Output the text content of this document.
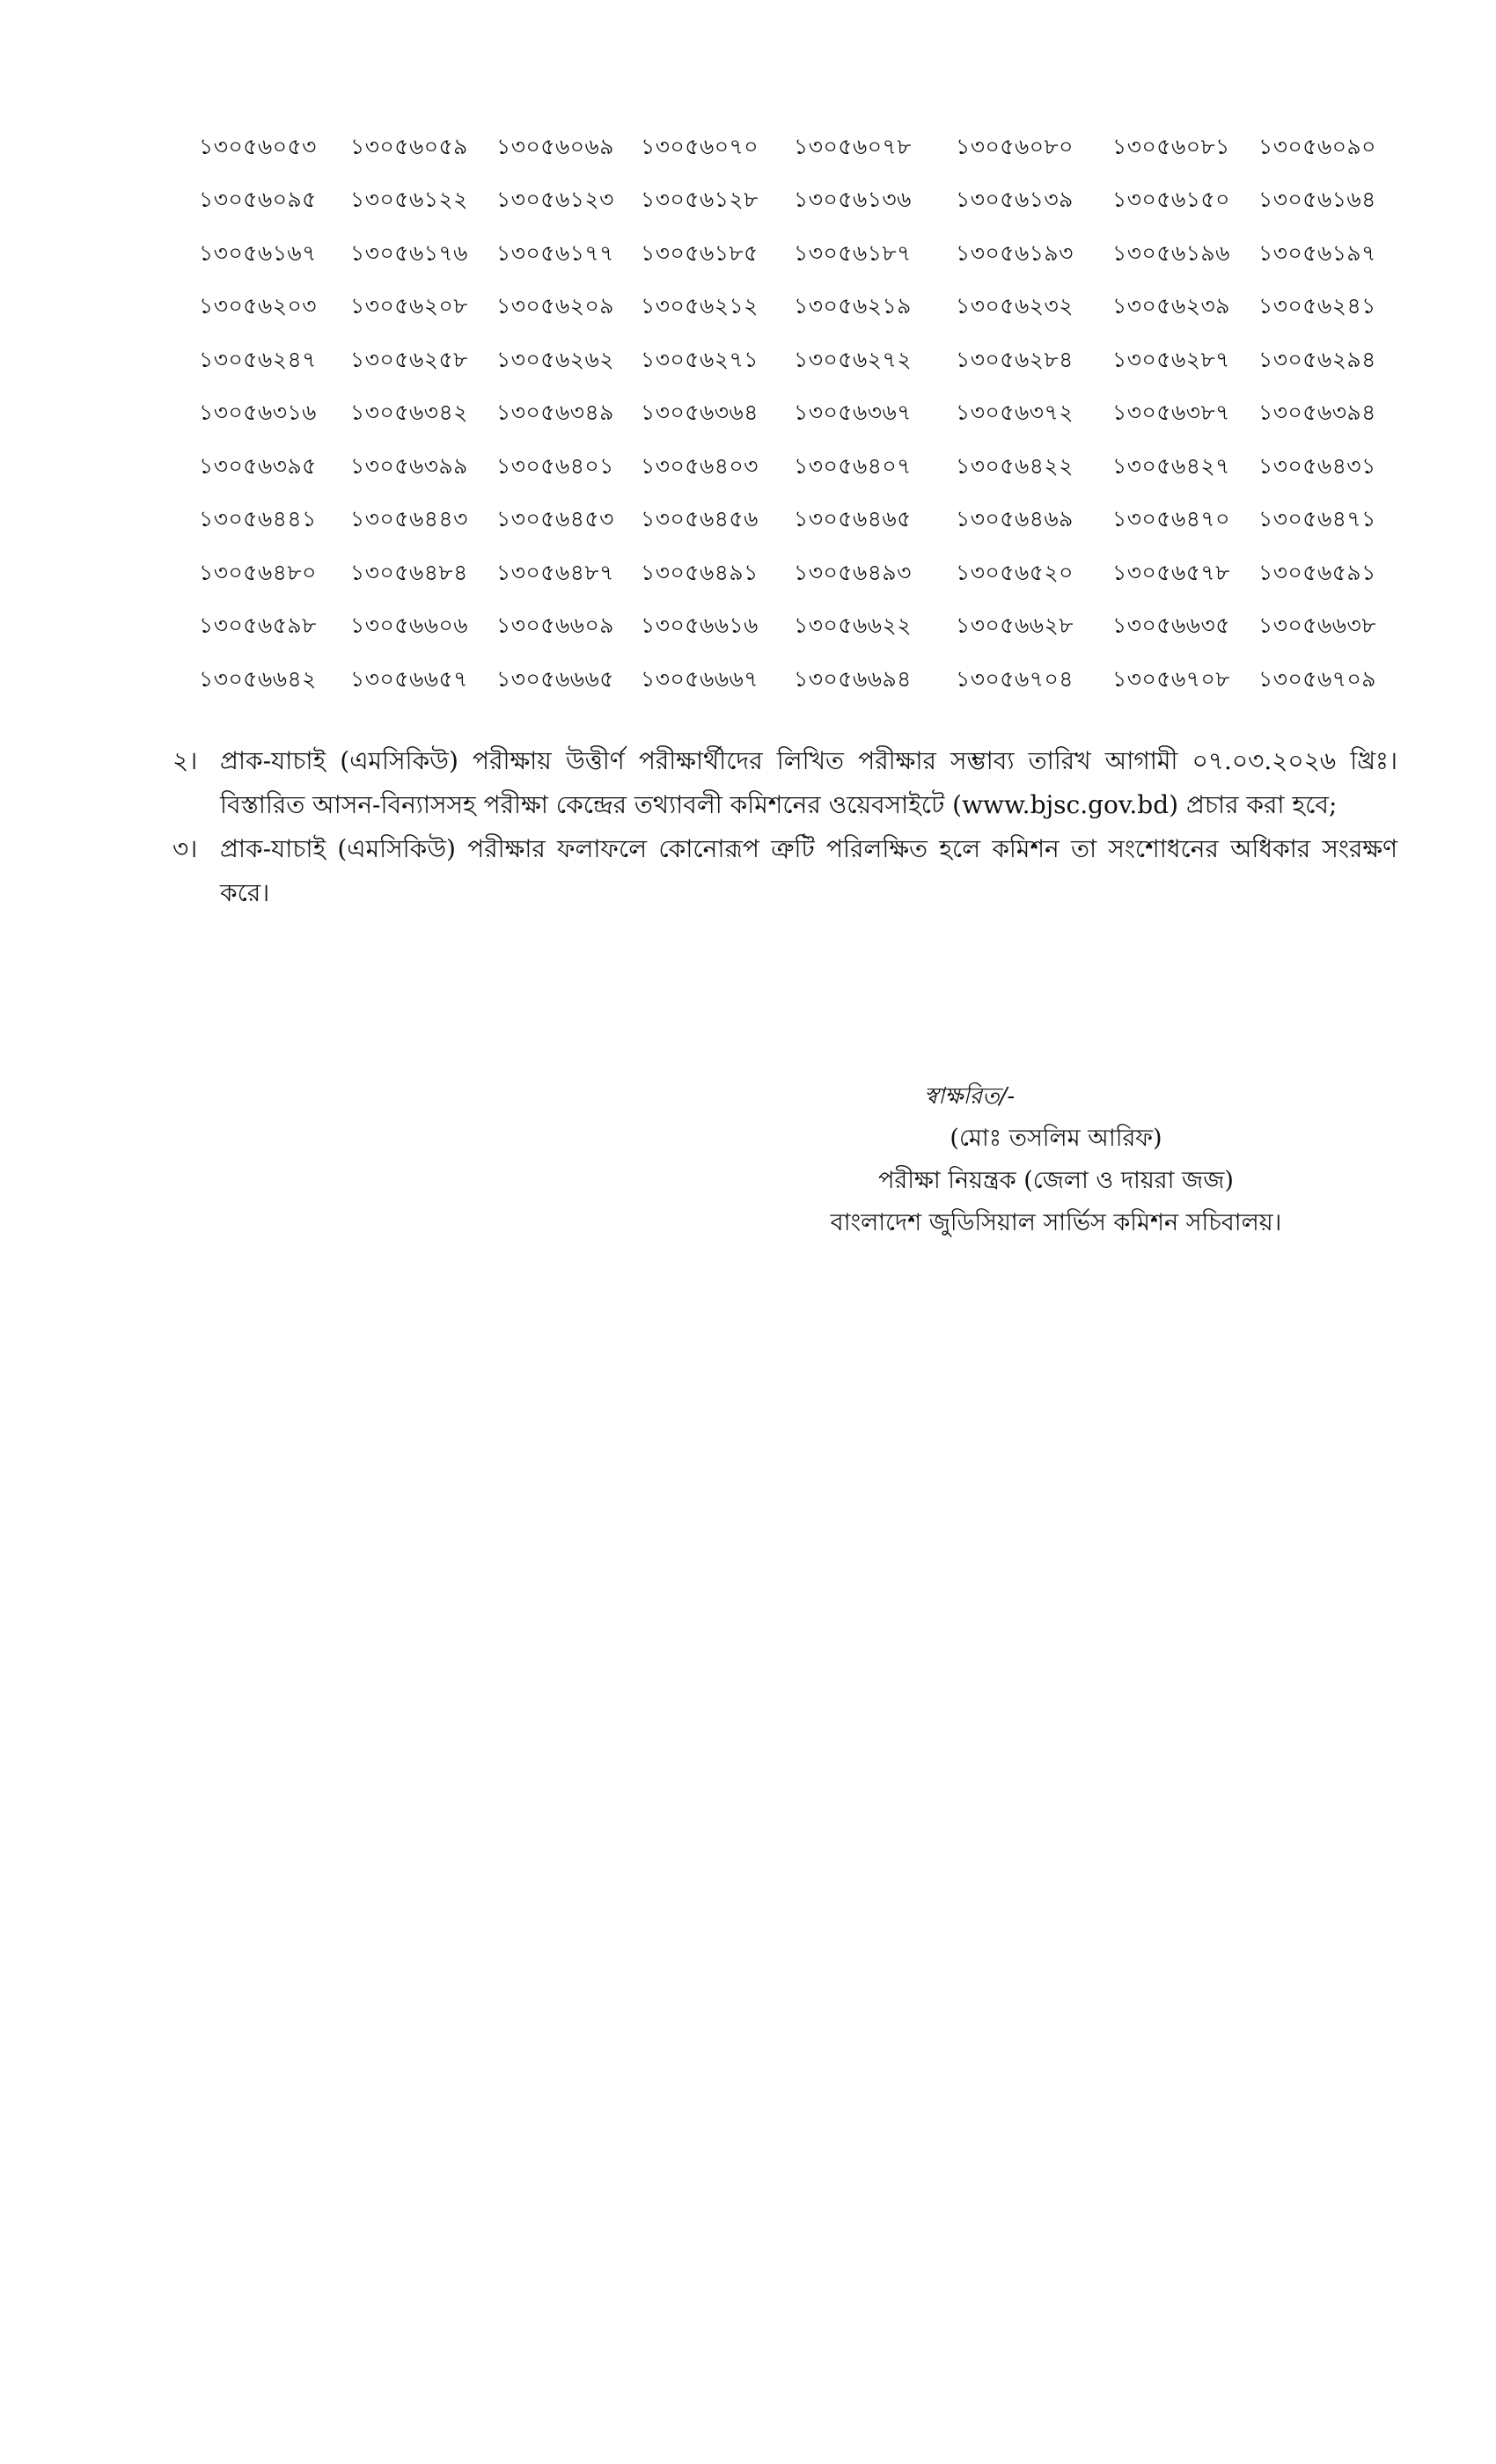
১৩০৫৬০৫৩	১৩০৫৬০৫৯	১৩০৫৬০৬৯	১৩০৫৬০৭০	১৩০৫৬০৭৮	১৩০৫৬০৮০	১৩০৫৬০৮১	১৩০৫৬০৯০
১৩০৫৬০৯৫	১৩০৫৬১২২	১৩০৫৬১২৩	১৩০৫৬১২৮	১৩০৫৬১৩৬	১৩০৫৬১৩৯	১৩০৫৬১৫০	১৩০৫৬১৬৪
১৩০৫৬১৬৭	১৩০৫৬১৭৬	১৩০৫৬১৭৭	১৩০৫৬১৮৫	১৩০৫৬১৮৭	১৩০৫৬১৯৩	১৩০৫৬১৯৬	১৩০৫৬১৯৭
১৩০৫৬২০৩	১৩০৫৬২০৮	১৩০৫৬২০৯	১৩০৫৬২১২	১৩০৫৬২১৯	১৩০৫৬২৩২	১৩০৫৬২৩৯	১৩০৫৬২৪১
১৩০৫৬২৪৭	১৩০৫৬২৫৮	১৩০৫৬২৬২	১৩০৫৬২৭১	১৩০৫৬২৭২	১৩০৫৬২৮৪	১৩০৫৬২৮৭	১৩০৫৬২৯৪
১৩০৫৬৩১৬	১৩০৫৬৩৪২	১৩০৫৬৩৪৯	১৩০৫৬৩৬৪	১৩০৫৬৩৬৭	১৩০৫৬৩৭২	১৩০৫৬৩৮৭	১৩০৫৬৩৯৪
১৩০৫৬৩৯৫	১৩০৫৬৩৯৯	১৩০৫৬৪০১	১৩০৫৬৪০৩	১৩০৫৬৪০৭	১৩০৫৬৪২২	১৩০৫৬৪২৭	১৩০৫৬৪৩১
১৩০৫৬৪৪১	১৩০৫৬৪৪৩	১৩০৫৬৪৫৩	১৩০৫৬৪৫৬	১৩০৫৬৪৬৫	১৩০৫৬৪৬৯	১৩০৫৬৪৭০	১৩০৫৬৪৭১
১৩০৫৬৪৮০	১৩০৫৬৪৮৪	১৩০৫৬৪৮৭	১৩০৫৬৪৯১	১৩০৫৬৪৯৩	১৩০৫৬৫২০	১৩০৫৬৫৭৮	১৩০৫৬৫৯১
১৩০৫৬৫৯৮	১৩০৫৬৬০৬	১৩০৫৬৬০৯	১৩০৫৬৬১৬	১৩০৫৬৬২২	১৩০৫৬৬২৮	১৩০৫৬৬৩৫	১৩০৫৬৬৩৮
১৩০৫৬৬৪২	১৩০৫৬৬৫৭	১৩০৫৬৬৬৫	১৩০৫৬৬৬৭	১৩০৫৬৬৯৪	১৩০৫৬৭০৪	১৩০৫৬৭০৮	১৩০৫৬৭০৯
২। প্রাক-যাচাই (এমসিকিউ) পরীক্ষায় উত্তীর্ণ পরীক্ষার্থীদের লিখিত পরীক্ষার সম্ভাব্য তারিখ আগামী ০৭.০৩.২০২৬ খ্রিঃ। বিস্তারিত আসন-বিন্যাসসহ পরীক্ষা কেন্দ্রের তথ্যাবলী কমিশনের ওয়েবসাইটে (www.bjsc.gov.bd) প্রচার করা হবে;
৩। প্রাক-যাচাই (এমসিকিউ) পরীক্ষার ফলাফলে কোনোরূপ ত্রুটি পরিলক্ষিত হলে কমিশন তা সংশোধনের অধিকার সংরক্ষণ করে।
স্বাক্ষরিত/-
(মোঃ তসলিম আরিফ)
পরীক্ষা নিয়ন্ত্রক (জেলা ও দায়রা জজ)
বাংলাদেশ জুডিসিয়াল সার্ভিস কমিশন সচিবালয়।
